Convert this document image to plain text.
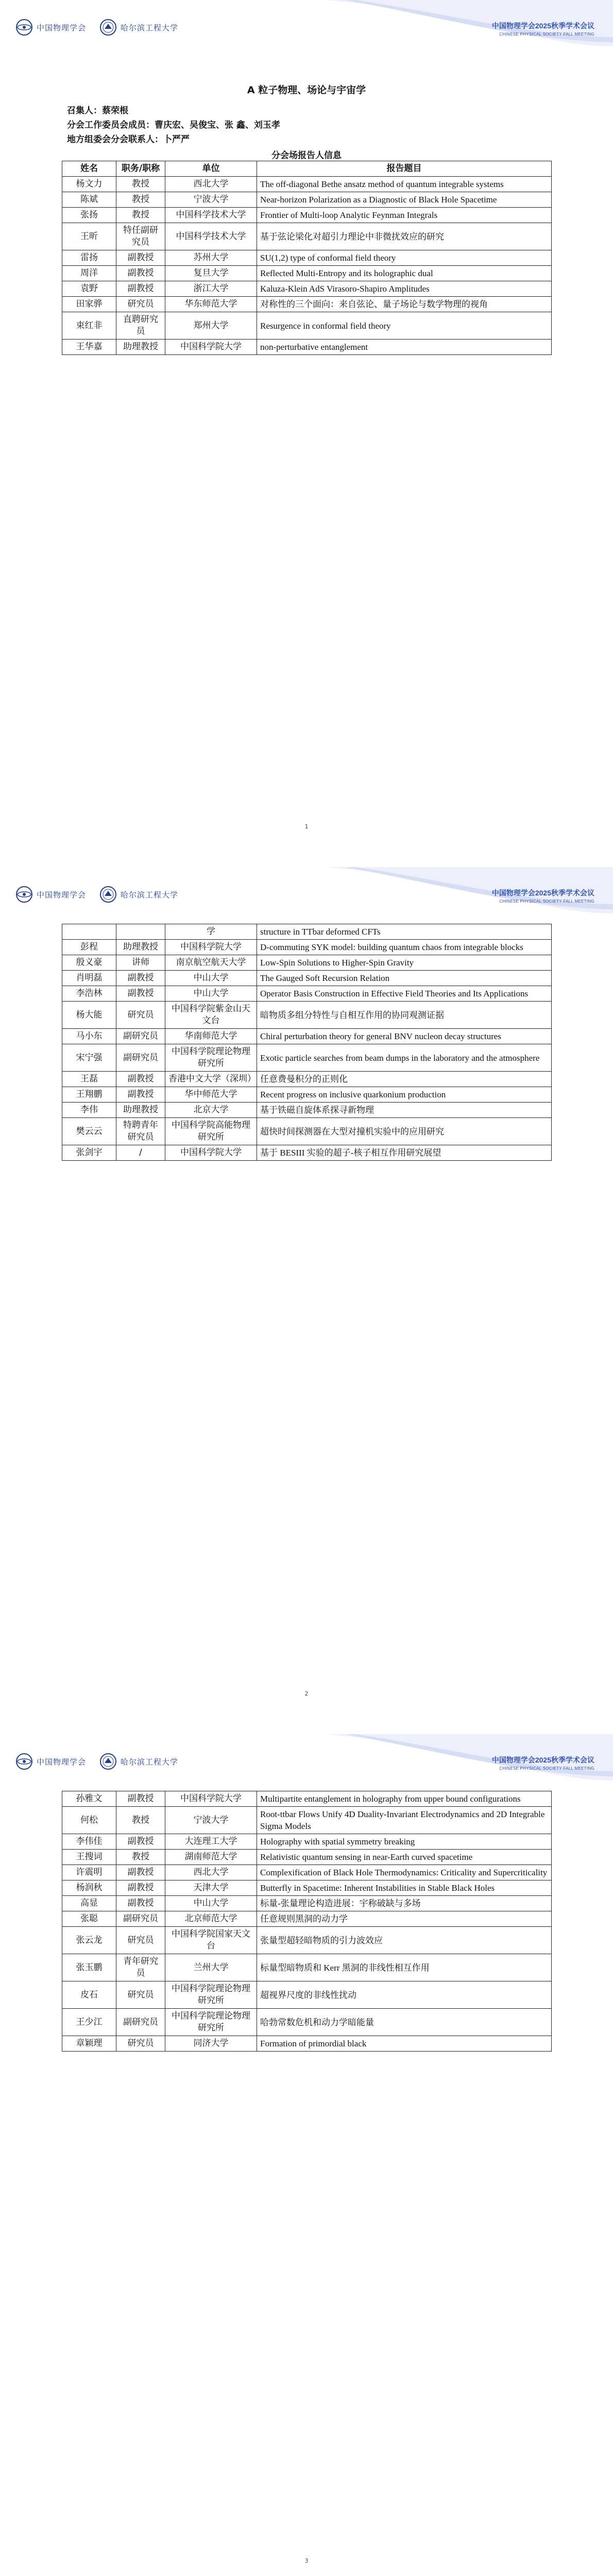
中国物理学会	哈尔滨工程大学	中国物理学会2025秋季学术会议
CHINESE PHYSICAL SOCIETY FALL MEETING
A 粒子物理、场论与宇宙学
召集人：蔡荣根
分会工作委员会成员：曹庆宏、吴俊宝、张 鑫、刘玉孝
地方组委会分会联系人：卜严严
分会场报告人信息
姓名	职务/职称	单位	报告题目
杨文力	教授	西北大学	The off-diagonal Bethe ansatz method of quantum integrable systems
陈斌	教授	宁波大学	Near-horizon Polarization as a Diagnostic of Black Hole Spacetime
张扬	教授	中国科学技术大学	Frontier of Multi-loop Analytic Feynman Integrals
王昕	特任副研究员	中国科学技术大学	基于弦论梁化对超引力理论中非微扰效应的研究
雷扬	副教授	苏州大学	SU(1,2) type of conformal field theory
周洋	副教授	复旦大学	Reflected Multi-Entropy and its holographic dual
袁野	副教授	浙江大学	Kaluza-Klein AdS Virasoro-Shapiro Amplitudes
田家骅	研究员	华东师范大学	对称性的三个面向：来自弦论、量子场论与数学物理的视角
束红非	直聘研究员	郑州大学	Resurgence in conformal field theory
王华嘉	助理教授	中国科学院大学	non-perturbative entanglement
1
中国物理学会	哈尔滨工程大学	中国物理学会2025秋季学术会议
CHINESE PHYSICAL SOCIETY FALL MEETING
		学	structure in TTbar deformed CFTs
彭程	助理教授	中国科学院大学	D-commuting SYK model: building quantum chaos from integrable blocks
殷义豪	讲师	南京航空航天大学	Low-Spin Solutions to Higher-Spin Gravity
肖明磊	副教授	中山大学	The Gauged Soft Recursion Relation
李浩林	副教授	中山大学	Operator Basis Construction in Effective Field Theories and Its Applications
杨大能	研究员	中国科学院紫金山天文台	暗物质多组分特性与自相互作用的协同观测证据
马小东	副研究员	华南师范大学	Chiral perturbation theory for general BNV nucleon decay structures
宋宁强	副研究员	中国科学院理论物理研究所	Exotic particle searches from beam dumps in the laboratory and the atmosphere
王磊	副教授	香港中文大学（深圳）	任意费曼积分的正则化
王翔鹏	副教授	华中师范大学	Recent progress on inclusive quarkonium production
李伟	助理教授	北京大学	基于铁磁自旋体系探寻新物理
樊云云	特聘青年研究员	中国科学院高能物理研究所	超快时间探测器在大型对撞机实验中的应用研究
张剑宇	/	中国科学院大学	基于 BESIII 实验的超子-核子相互作用研究展望
2
中国物理学会	哈尔滨工程大学	中国物理学会2025秋季学术会议
CHINESE PHYSICAL SOCIETY FALL MEETING
孙雅文	副教授	中国科学院大学	Multipartite entanglement in holography from upper bound configurations
何松	教授	宁波大学	Root-ttbar Flows Unify 4D Duality-Invariant Electrodynamics and 2D Integrable Sigma Models
李伟佳	副教授	大连理工大学	Holography with spatial symmetry breaking
王搜词	教授	湖南师范大学	Relativistic quantum sensing in near-Earth curved spacetime
许震明	副教授	西北大学	Complexification of Black Hole Thermodynamics: Criticality and Supercriticality
杨润秋	副教授	天津大学	Butterfly in Spacetime: Inherent Instabilities in Stable Black Holes
高显	副教授	中山大学	标量-张量理论构造进展：宇称破缺与多场
张聪	副研究员	北京师范大学	任意规则黑洞的动力学
张云龙	研究员	中国科学院国家天文台	张量型超轻暗物质的引力波效应
张玉鹏	青年研究员	兰州大学	标量型暗物质和 Kerr 黑洞的非线性相互作用
皮石	研究员	中国科学院理论物理研究所	超视界尺度的非线性扰动
王少江	副研究员	中国科学院理论物理研究所	哈勃常数危机和动力学暗能量
章颖理	研究员	同济大学	Formation of primordial black
3
